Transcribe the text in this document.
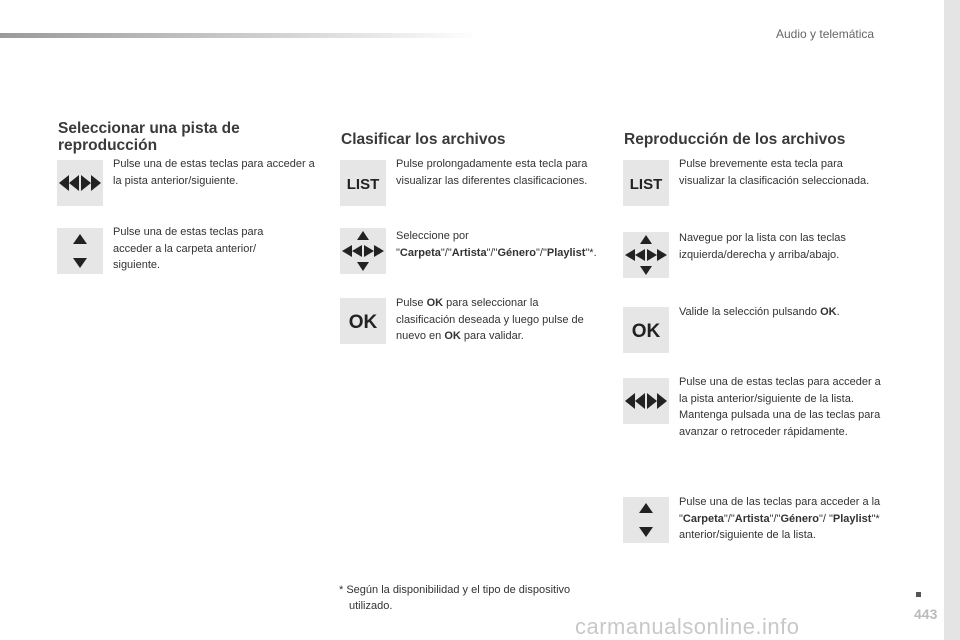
Audio y telemática
443
carmanualsonline.info
Seleccionar una pista de reproducción

Pulse una de estas teclas para acceder a la pista anterior/siguiente.

Pulse una de estas teclas para acceder a la carpeta anterior/ siguiente.

Clasificar los archivos
LIST

Pulse prolongadamente esta tecla para visualizar las diferentes clasificaciones.

Seleccione por "Carpeta"/"Artista"/"Género"/"Playlist"*.

OK

Pulse OK para seleccionar la clasificación deseada y luego pulse de nuevo en OK para validar.

* Según la disponibilidad y el tipo de dispositivo
utilizado.
Reproducción de los archivos
LIST

Pulse brevemente esta tecla para visualizar la clasificación seleccionada.

Navegue por la lista con las teclas izquierda/derecha y arriba/abajo.

OK

Valide la selección pulsando OK.

Pulse una de estas teclas para acceder a la pista anterior/siguiente de la lista. Mantenga pulsada una de las teclas para avanzar o retroceder rápidamente.

Pulse una de las teclas para acceder a la "Carpeta"/"Artista"/"Género"/ "Playlist"* anterior/siguiente de la lista.
